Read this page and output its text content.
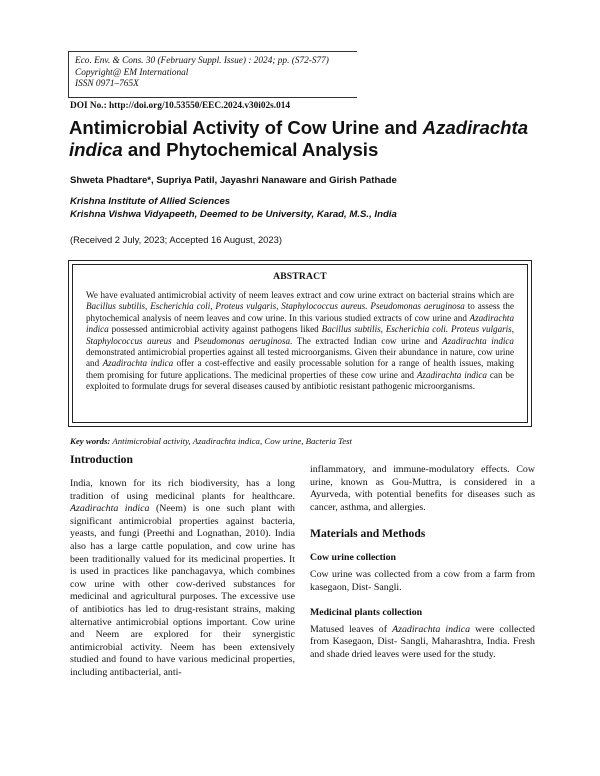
Eco. Env. & Cons. 30 (February Suppl. Issue) : 2024; pp. (S72-S77)
Copyright@ EM International
ISSN 0971–765X
DOI No.: http://doi.org/10.53550/EEC.2024.v30i02s.014
Antimicrobial Activity of Cow Urine and Azadirachta indica and Phytochemical Analysis
Shweta Phadtare*, Supriya Patil, Jayashri Nanaware and Girish Pathade
Krishna Institute of Allied Sciences
Krishna Vishwa Vidyapeeth, Deemed to be University, Karad, M.S., India
(Received 2 July, 2023; Accepted 16 August, 2023)
ABSTRACT

We have evaluated antimicrobial activity of neem leaves extract and cow urine extract on bacterial strains which are Bacillus subtilis, Escherichia coli, Proteus vulgaris, Staphylococcus aureus. Pseudomonas aeruginosa to assess the phytochemical analysis of neem leaves and cow urine. In this various studied extracts of cow urine and Azadirachta indica possessed antimicrobial activity against pathogens liked Bacillus subtilis, Escherichia coli. Proteus vulgaris, Staphylococcus aureus and Pseudomonas aeruginosa. The extracted Indian cow urine and Azadirachta indica demonstrated antimicrobial properties against all tested microorganisms. Given their abundance in nature, cow urine and Azadirachta indica offer a cost-effective and easily processable solution for a range of health issues, making them promising for future applications. The medicinal properties of these cow urine and Azadirachta indica can be exploited to formulate drugs for several diseases caused by antibiotic resistant pathogenic microorganisms.

Key words: Antimicrobial activity, Azadirachta indica, Cow urine, Bacteria Test
Introduction

India, known for its rich biodiversity, has a long tradition of using medicinal plants for healthcare. Azadirachta indica (Neem) is one such plant with significant antimicrobial properties against bacteria, yeasts, and fungi (Preethi and Lognathan, 2010). India also has a large cattle population, and cow urine has been traditionally valued for its medicinal properties. It is used in practices like panchagavya, which combines cow urine with other cow-derived substances for medicinal and agricultural purposes. The excessive use of antibiotics has led to drug-resistant strains, making alternative antimicrobial options important. Cow urine and Neem are explored for their synergistic antimicrobial activity. Neem has been extensively studied and found to have various medicinal properties, including antibacterial, anti-

inflammatory, and immune-modulatory effects. Cow urine, known as Gou-Muttra, is considered in a Ayurveda, with potential benefits for diseases such as cancer, asthma, and allergies.

Materials and Methods
Cow urine collection

Cow urine was collected from a cow from a farm from kasegaon, Dist- Sangli.

Medicinal plants collection

Matused leaves of Azadirachta indica were collected from Kasegaon, Dist- Sangli, Maharashtra, India. Fresh and shade dried leaves were used for the study.
